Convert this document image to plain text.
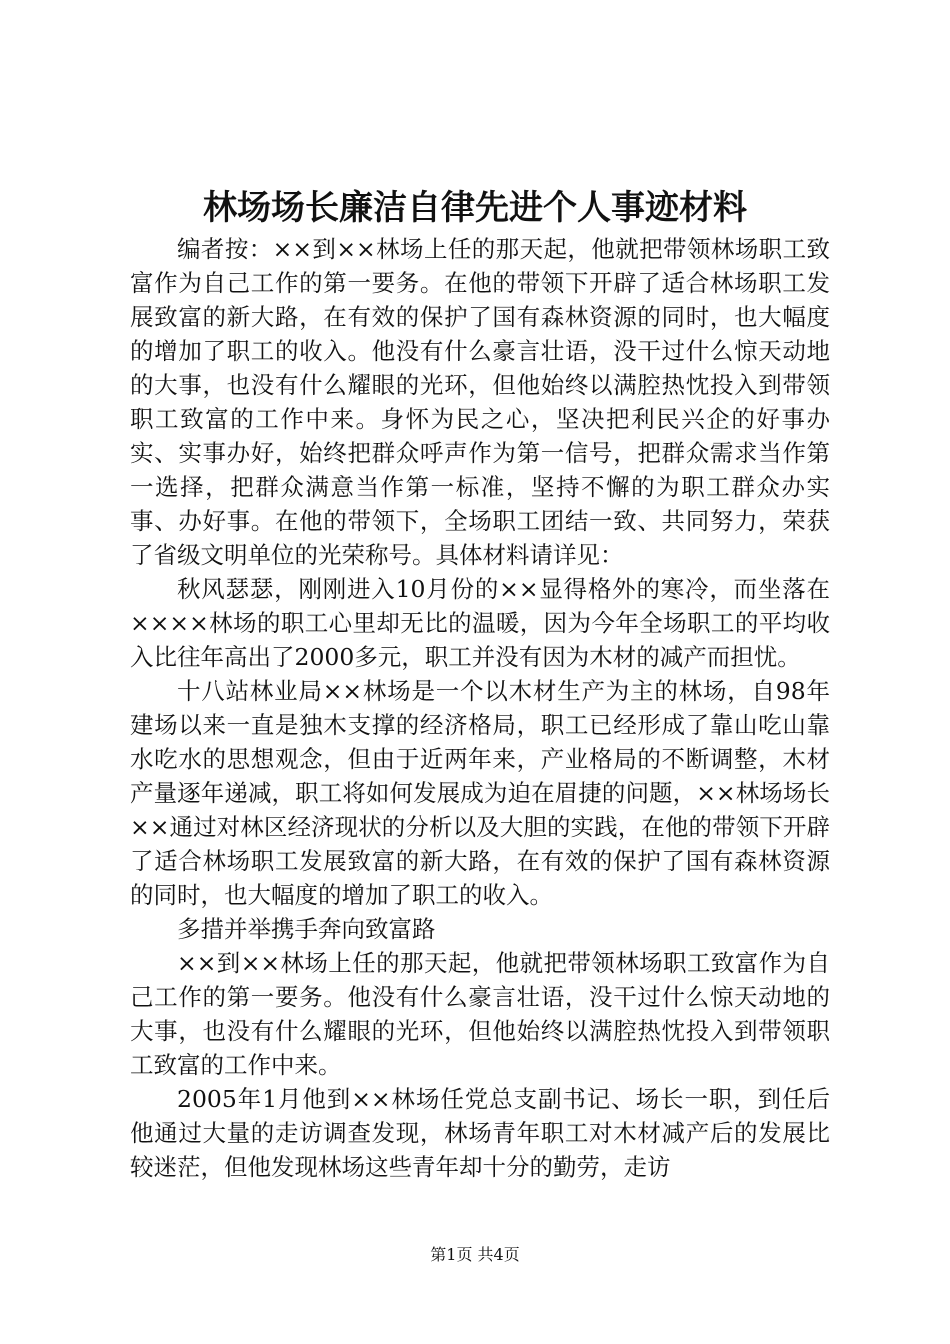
林场场长廉洁自律先进个人事迹材料

编者按：××到××林场上任的那天起，他就把带领林场职工致富作为自己工作的第一要务。在他的带领下开辟了适合林场职工发展致富的新大路，在有效的保护了国有森林资源的同时，也大幅度的增加了职工的收入。他没有什么豪言壮语，没干过什么惊天动地的大事，也没有什么耀眼的光环，但他始终以满腔热忱投入到带领职工致富的工作中来。身怀为民之心，坚决把利民兴企的好事办实、实事办好，始终把群众呼声作为第一信号，把群众需求当作第一选择，把群众满意当作第一标准，坚持不懈的为职工群众办实事、办好事。在他的带领下，全场职工团结一致、共同努力，荣获了省级文明单位的光荣称号。具体材料请详见：

秋风瑟瑟，刚刚进入10月份的××显得格外的寒冷，而坐落在××××林场的职工心里却无比的温暖，因为今年全场职工的平均收入比往年高出了2000多元，职工并没有因为木材的减产而担忧。

十八站林业局××林场是一个以木材生产为主的林场，自98年建场以来一直是独木支撑的经济格局，职工已经形成了靠山吃山靠水吃水的思想观念，但由于近两年来，产业格局的不断调整，木材产量逐年递减，职工将如何发展成为迫在眉捷的问题，××林场场长××通过对林区经济现状的分析以及大胆的实践，在他的带领下开辟了适合林场职工发展致富的新大路，在有效的保护了国有森林资源的同时，也大幅度的增加了职工的收入。

多措并举携手奔向致富路

××到××林场上任的那天起，他就把带领林场职工致富作为自己工作的第一要务。他没有什么豪言壮语，没干过什么惊天动地的大事，也没有什么耀眼的光环，但他始终以满腔热忱投入到带领职工致富的工作中来。

2005年1月他到××林场任党总支副书记、场长一职，到任后他通过大量的走访调查发现，林场青年职工对木材减产后的发展比较迷茫，但他发现林场这些青年却十分的勤劳，走访

第1页 共4页
